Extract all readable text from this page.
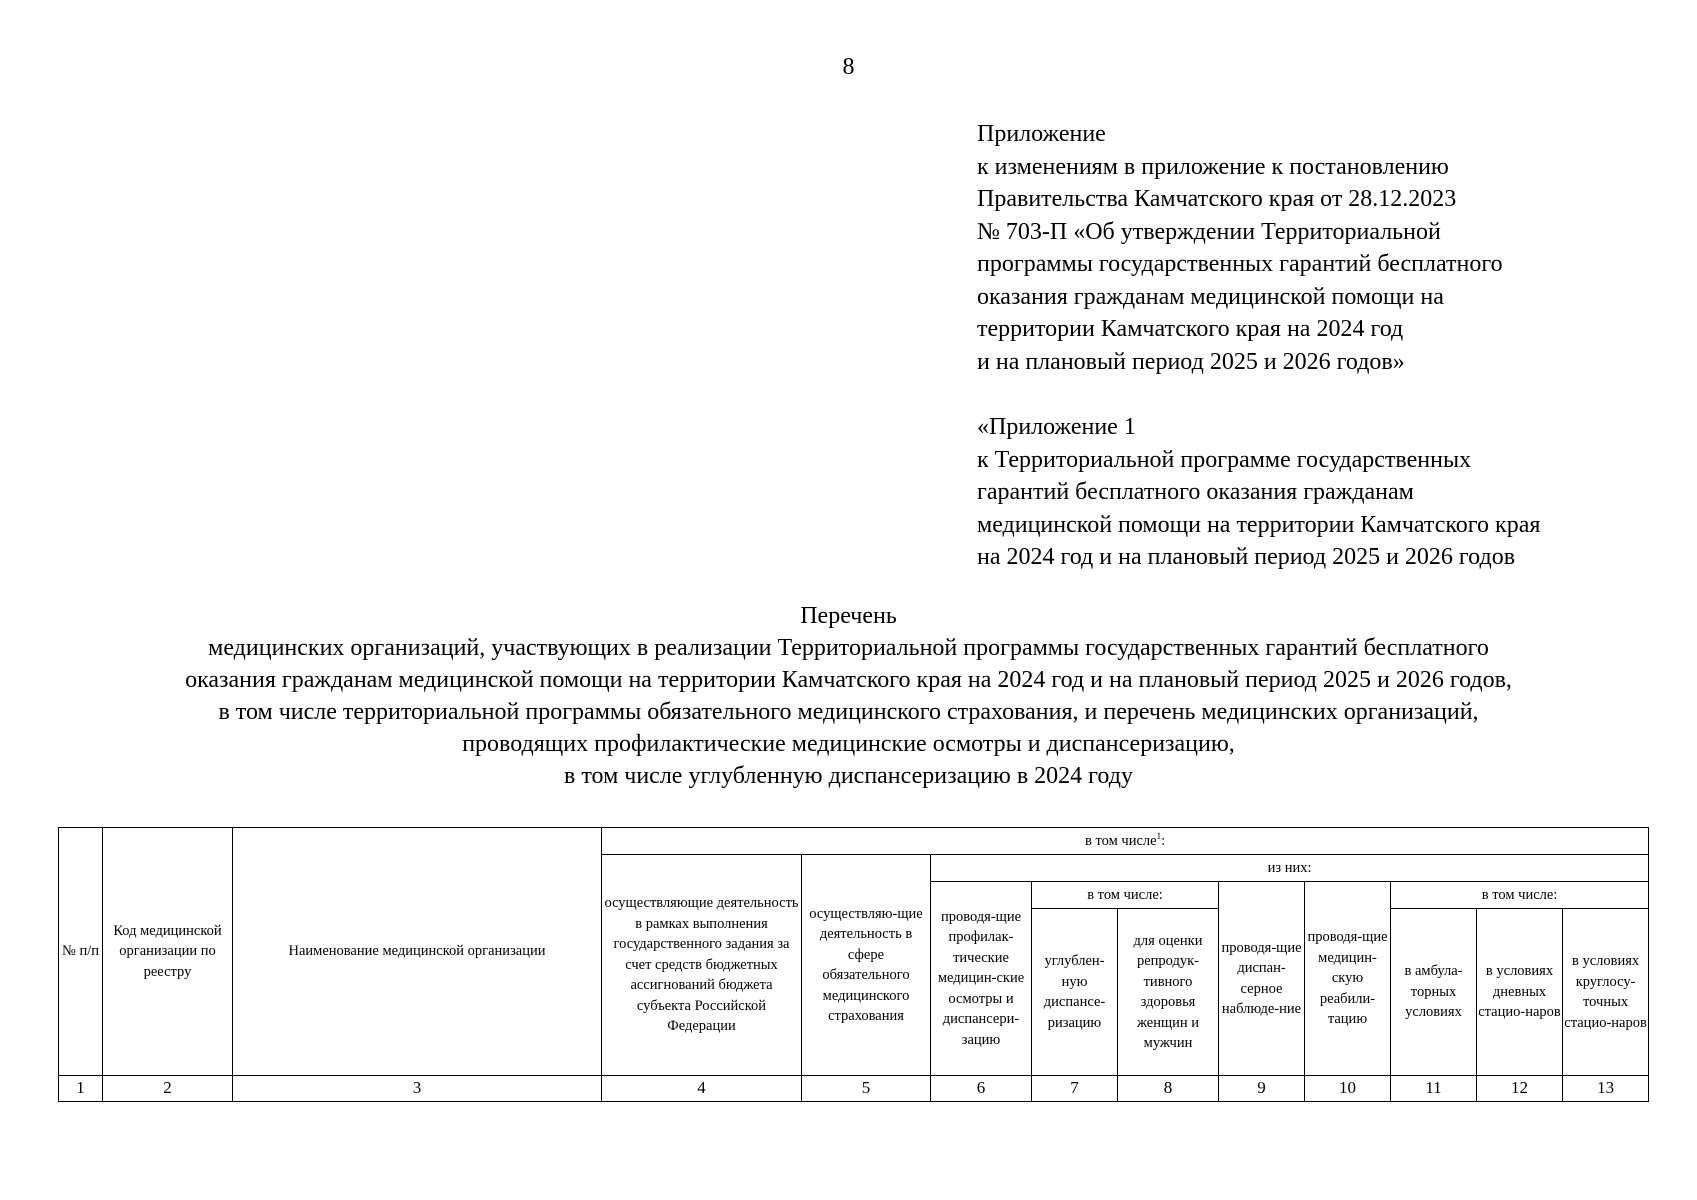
8
Приложение
к изменениям в приложение к постановлению
Правительства Камчатского края от 28.12.2023
№ 703-П «Об утверждении Территориальной
программы государственных гарантий бесплатного
оказания гражданам медицинской помощи на
территории Камчатского края на 2024 год
и на плановый период 2025 и 2026 годов»
«Приложение 1
к Территориальной программе государственных
гарантий бесплатного оказания гражданам
медицинской помощи на территории Камчатского края
на 2024 год и на плановый период 2025 и 2026 годов
Перечень
медицинских организаций, участвующих в реализации Территориальной программы государственных гарантий бесплатного
оказания гражданам медицинской помощи на территории Камчатского края на 2024 год и на плановый период 2025 и 2026 годов,
в том числе территориальной программы обязательного медицинского страхования, и перечень медицинских организаций,
проводящих профилактические медицинские осмотры и диспансеризацию,
в том числе углубленную диспансеризацию в 2024 году
№ п/п	Код медицинской организации по реестру	Наименование медицинской организации	в том числе$^1$:									
			осуществляющие деятельность в рамках выполнения государственного задания за счет средств бюджетных ассигнований бюджета субъекта Российской Федерации	осуществляю-щие деятельность в сфере обязательного медицинского страхования	из них:							
					проводя-щие профилак-тические медицин-ские осмотры и диспансери-зацию	в том числе:		проводя-щие диспан-серное наблюде-ние	проводя-щие медицин-скую реабили-тацию	в том числе:		
						углублен-ную диспансе-ризацию	для оценки репродук-тивного здоровья женщин и мужчин			в амбула-торных условиях	в условиях дневных стацио-наров	в условиях круглосу-точных стацио-наров
1	2	3	4	5	6	7	8	9	10	11	12	13
